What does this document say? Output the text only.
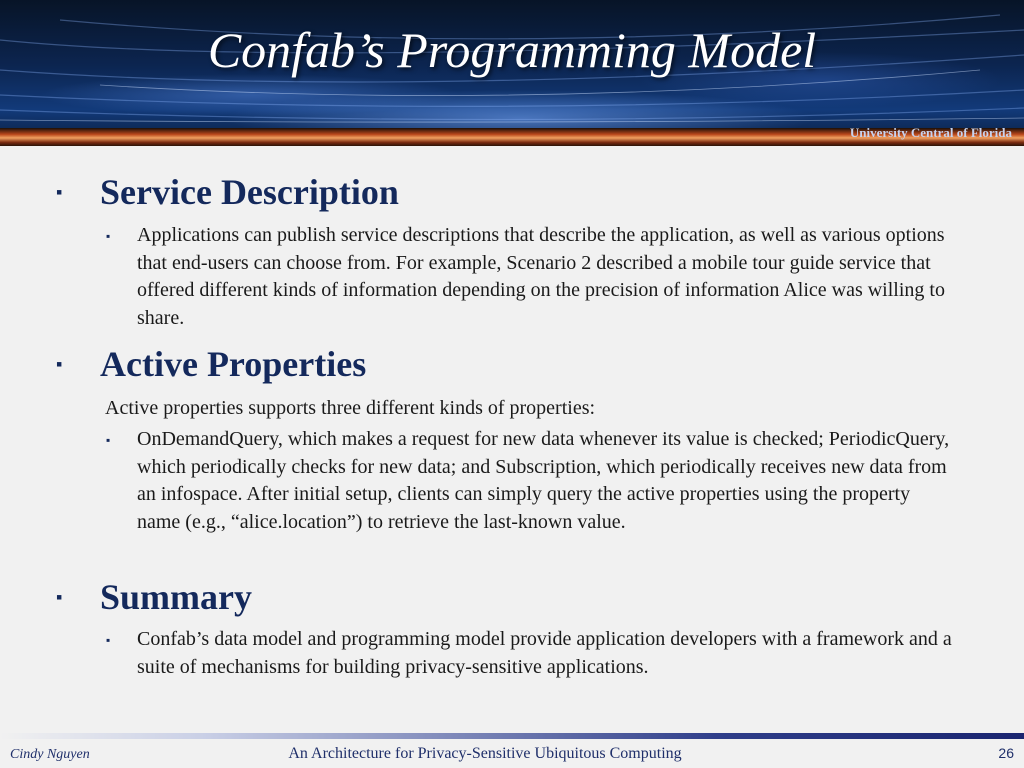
Confab’s Programming Model
University Central of Florida
▪ Service Description
▪ Applications can publish service descriptions that describe the application, as well as various options that end-users can choose from. For example, Scenario 2 described a mobile tour guide service that offered different kinds of information depending on the precision of information Alice was willing to share.
▪ Active Properties
Active properties supports three different kinds of properties:
▪ OnDemandQuery, which makes a request for new data whenever its value is checked; PeriodicQuery, which periodically checks for new data; and Subscription, which periodically receives new data from an infospace. After initial setup, clients can simply query the active properties using the property name (e.g., “alice.location”) to retrieve the last-known value.
▪ Summary
▪ Confab’s data model and programming model provide application developers with a framework and a suite of mechanisms for building privacy-sensitive applications.
Cindy Nguyen	An Architecture for Privacy-Sensitive Ubiquitous Computing	26
